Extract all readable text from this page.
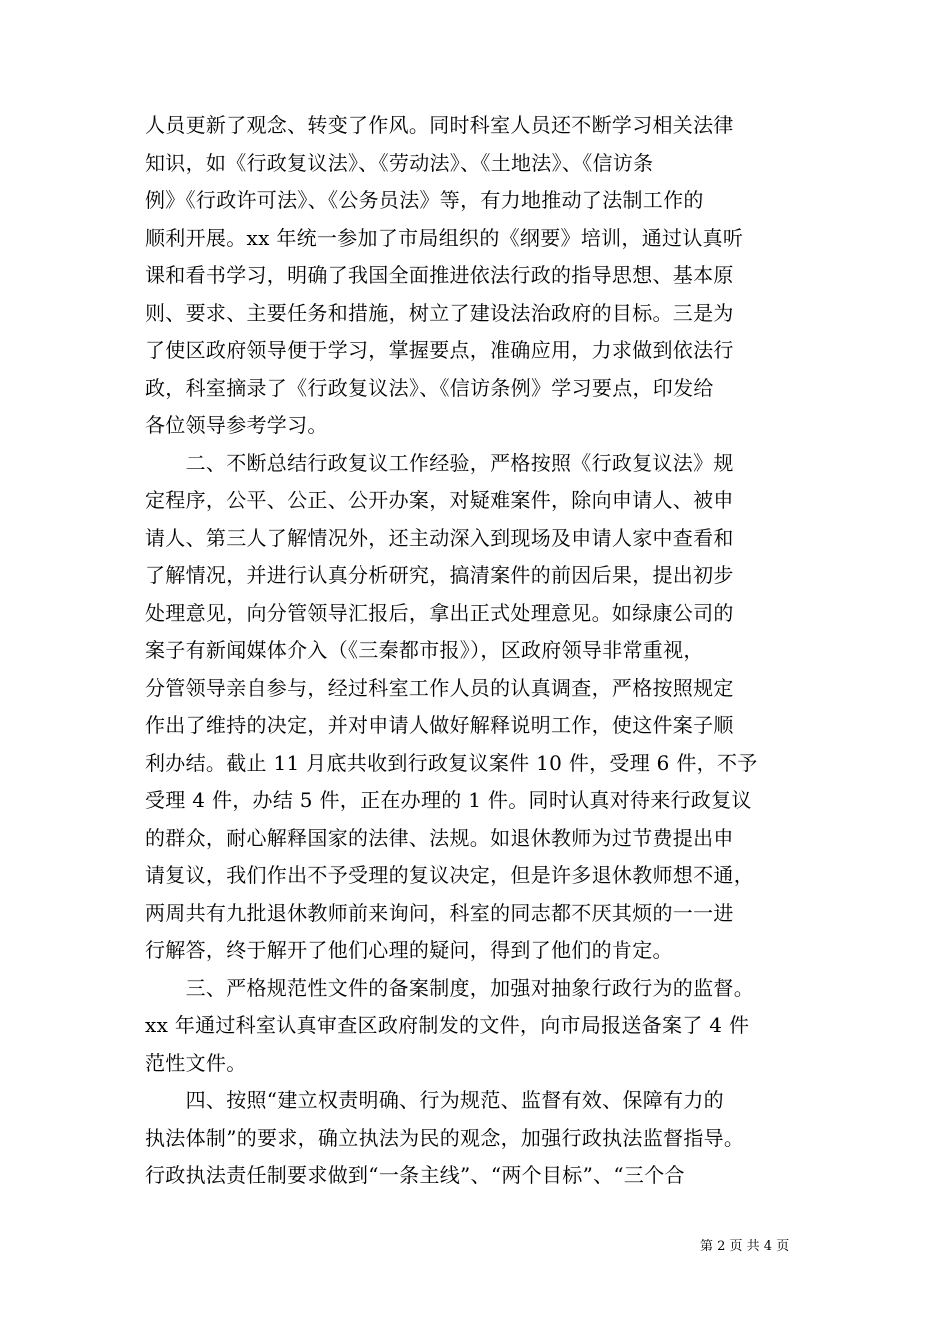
人员更新了观念、转变了作风。同时科室人员还不断学习相关法律
知识，如《行政复议法》、《劳动法》、《土地法》、《信访条
例》《行政许可法》、《公务员法》等，有力地推动了法制工作的
顺利开展。xx 年统一参加了市局组织的《纲要》培训，通过认真听
课和看书学习，明确了我国全面推进依法行政的指导思想、基本原
则、要求、主要任务和措施，树立了建设法治政府的目标。三是为
了使区政府领导便于学习，掌握要点，准确应用，力求做到依法行
政，科室摘录了《行政复议法》、《信访条例》学习要点，印发给
各位领导参考学习。
　　二、不断总结行政复议工作经验，严格按照《行政复议法》规
定程序，公平、公正、公开办案，对疑难案件，除向申请人、被申
请人、第三人了解情况外，还主动深入到现场及申请人家中查看和
了解情况，并进行认真分析研究，搞清案件的前因后果，提出初步
处理意见，向分管领导汇报后，拿出正式处理意见。如绿康公司的
案子有新闻媒体介入（《三秦都市报》），区政府领导非常重视，
分管领导亲自参与，经过科室工作人员的认真调查，严格按照规定
作出了维持的决定，并对申请人做好解释说明工作，使这件案子顺
利办结。截止 11 月底共收到行政复议案件 10 件，受理 6 件，不予
受理 4 件，办结 5 件，正在办理的 1 件。同时认真对待来行政复议
的群众，耐心解释国家的法律、法规。如退休教师为过节费提出申
请复议，我们作出不予受理的复议决定，但是许多退休教师想不通，
两周共有九批退休教师前来询问，科室的同志都不厌其烦的一一进
行解答，终于解开了他们心理的疑问，得到了他们的肯定。
　　三、严格规范性文件的备案制度，加强对抽象行政行为的监督。
xx 年通过科室认真审查区政府制发的文件，向市局报送备案了 4 件
范性文件。
　　四、按照“建立权责明确、行为规范、监督有效、保障有力的
执法体制”的要求，确立执法为民的观念，加强行政执法监督指导。
行政执法责任制要求做到“一条主线”、“两个目标”、“三个合
第 2 页 共 4 页
